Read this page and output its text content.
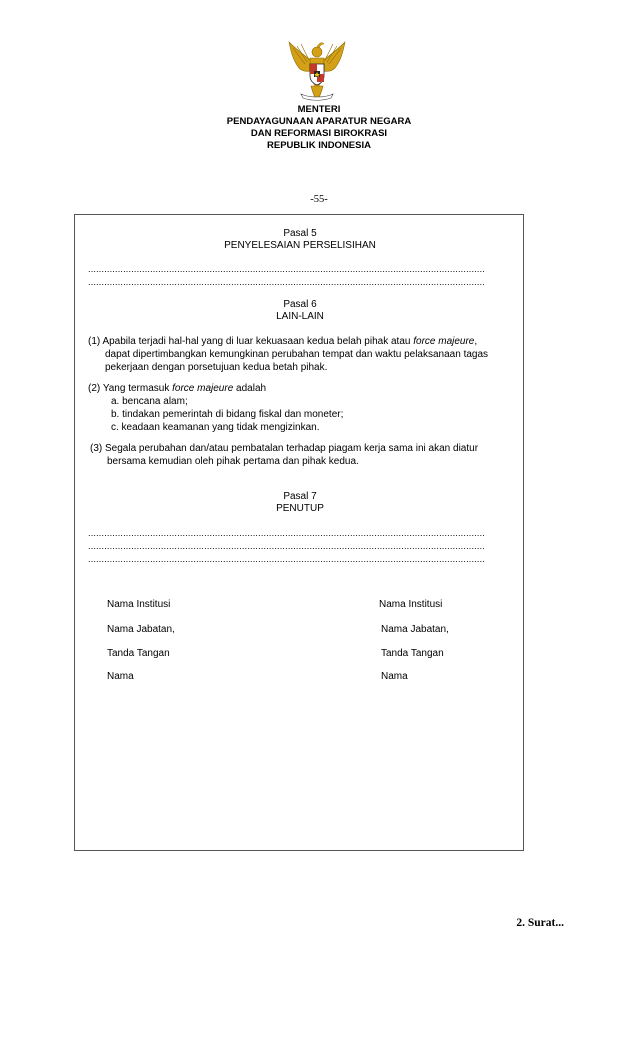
MENTERI
PENDAYAGUNAAN APARATUR NEGARA
DAN REFORMASI BIROKRASI
REPUBLIK INDONESIA
-55-
Pasal 5
PENYELESAIAN PERSELISIHAN
...................................................................................................................................................
...................................................................................................................................................
Pasal 6
LAIN-LAIN
(1) Apabila terjadi hal-hal yang di luar kekuasaan kedua belah pihak atau force majeure,
dapat dipertimbangkan kemungkinan perubahan tempat dan waktu pelaksanaan tagas
pekerjaan dengan porsetujuan kedua betah pihak.
(2) Yang termasuk force majeure adalah
a. bencana alam;
b. tindakan pemerintah di bidang fiskal dan moneter;
c. keadaan keamanan yang tidak mengizinkan.
(3) Segala perubahan dan/atau pembatalan terhadap piagam kerja sama ini akan diatur
bersama kemudian oleh pihak pertama dan pihak kedua.
Pasal 7
PENUTUP
...................................................................................................................................................
...................................................................................................................................................
...................................................................................................................................................
Nama Institusi
Nama Jabatan,
Tanda Tangan
Nama
Nama Institusi
Nama Jabatan,
Tanda Tangan
Nama
2. Surat...
